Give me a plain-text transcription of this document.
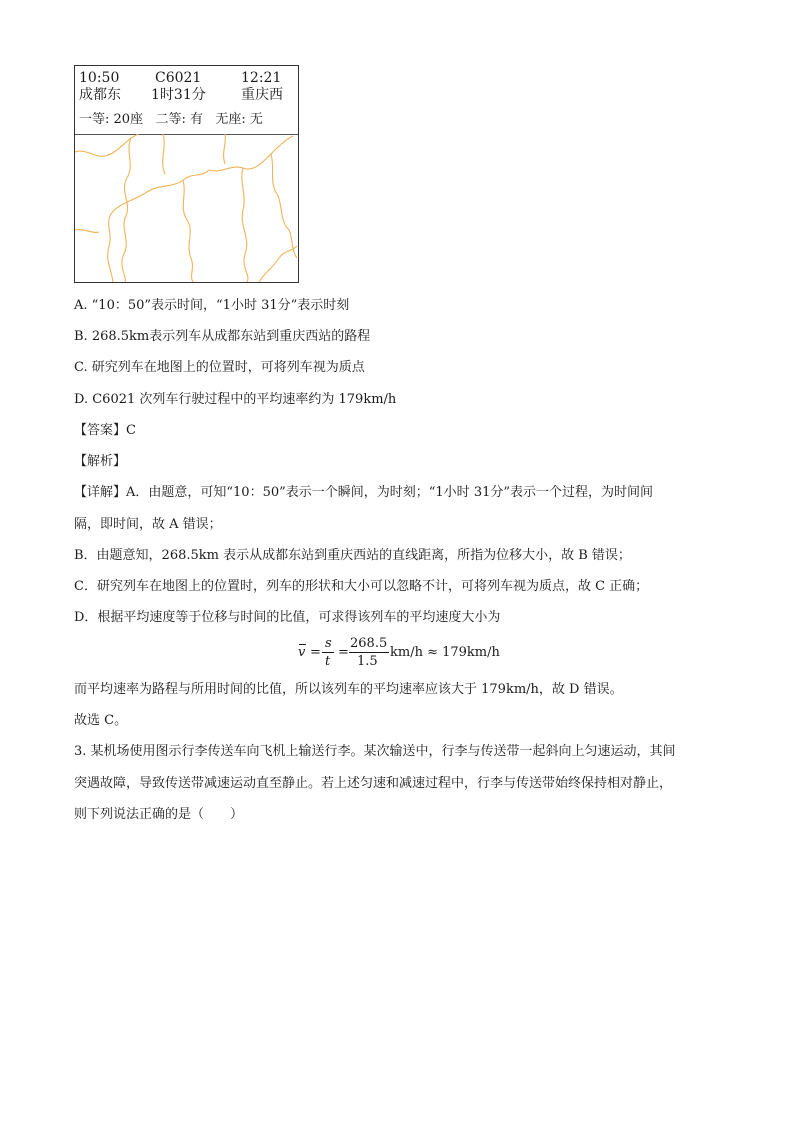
10:50	C6021	12:21
成都东 1时31分	重庆西
一等: 20座   二等: 有   无座: 无
A. “10：50”表示时间，“1小时 31分”表示时刻
B. 268.5km表示列车从成都东站到重庆西站的路程
C. 研究列车在地图上的位置时，可将列车视为质点
D. C6021 次列车行驶过程中的平均速率约为 179km/h
【答案】C
【解析】
【详解】A．由题意，可知“10：50”表示一个瞬间，为时刻；“1小时 31分”表示一个过程，为时间间
隔，即时间，故 A 错误；
B．由题意知，268.5km 表示从成都东站到重庆西站的直线距离，所指为位移大小，故 B 错误；
C．研究列车在地图上的位置时，列车的形状和大小可以忽略不计，可将列车视为质点，故 C 正确；
D．根据平均速度等于位移与时间的比值，可求得该列车的平均速度大小为
v =
s
t
=
268.5
1.5
km/h ≈ 179km/h
而平均速率为路程与所用时间的比值，所以该列车的平均速率应该大于 179km/h，故 D 错误。
故选 C。
3. 某机场使用图示行李传送车向飞机上输送行李。某次输送中，行李与传送带一起斜向上匀速运动，其间
突遇故障，导致传送带减速运动直至静止。若上述匀速和减速过程中，行李与传送带始终保持相对静止，
则下列说法正确的是（　　）
